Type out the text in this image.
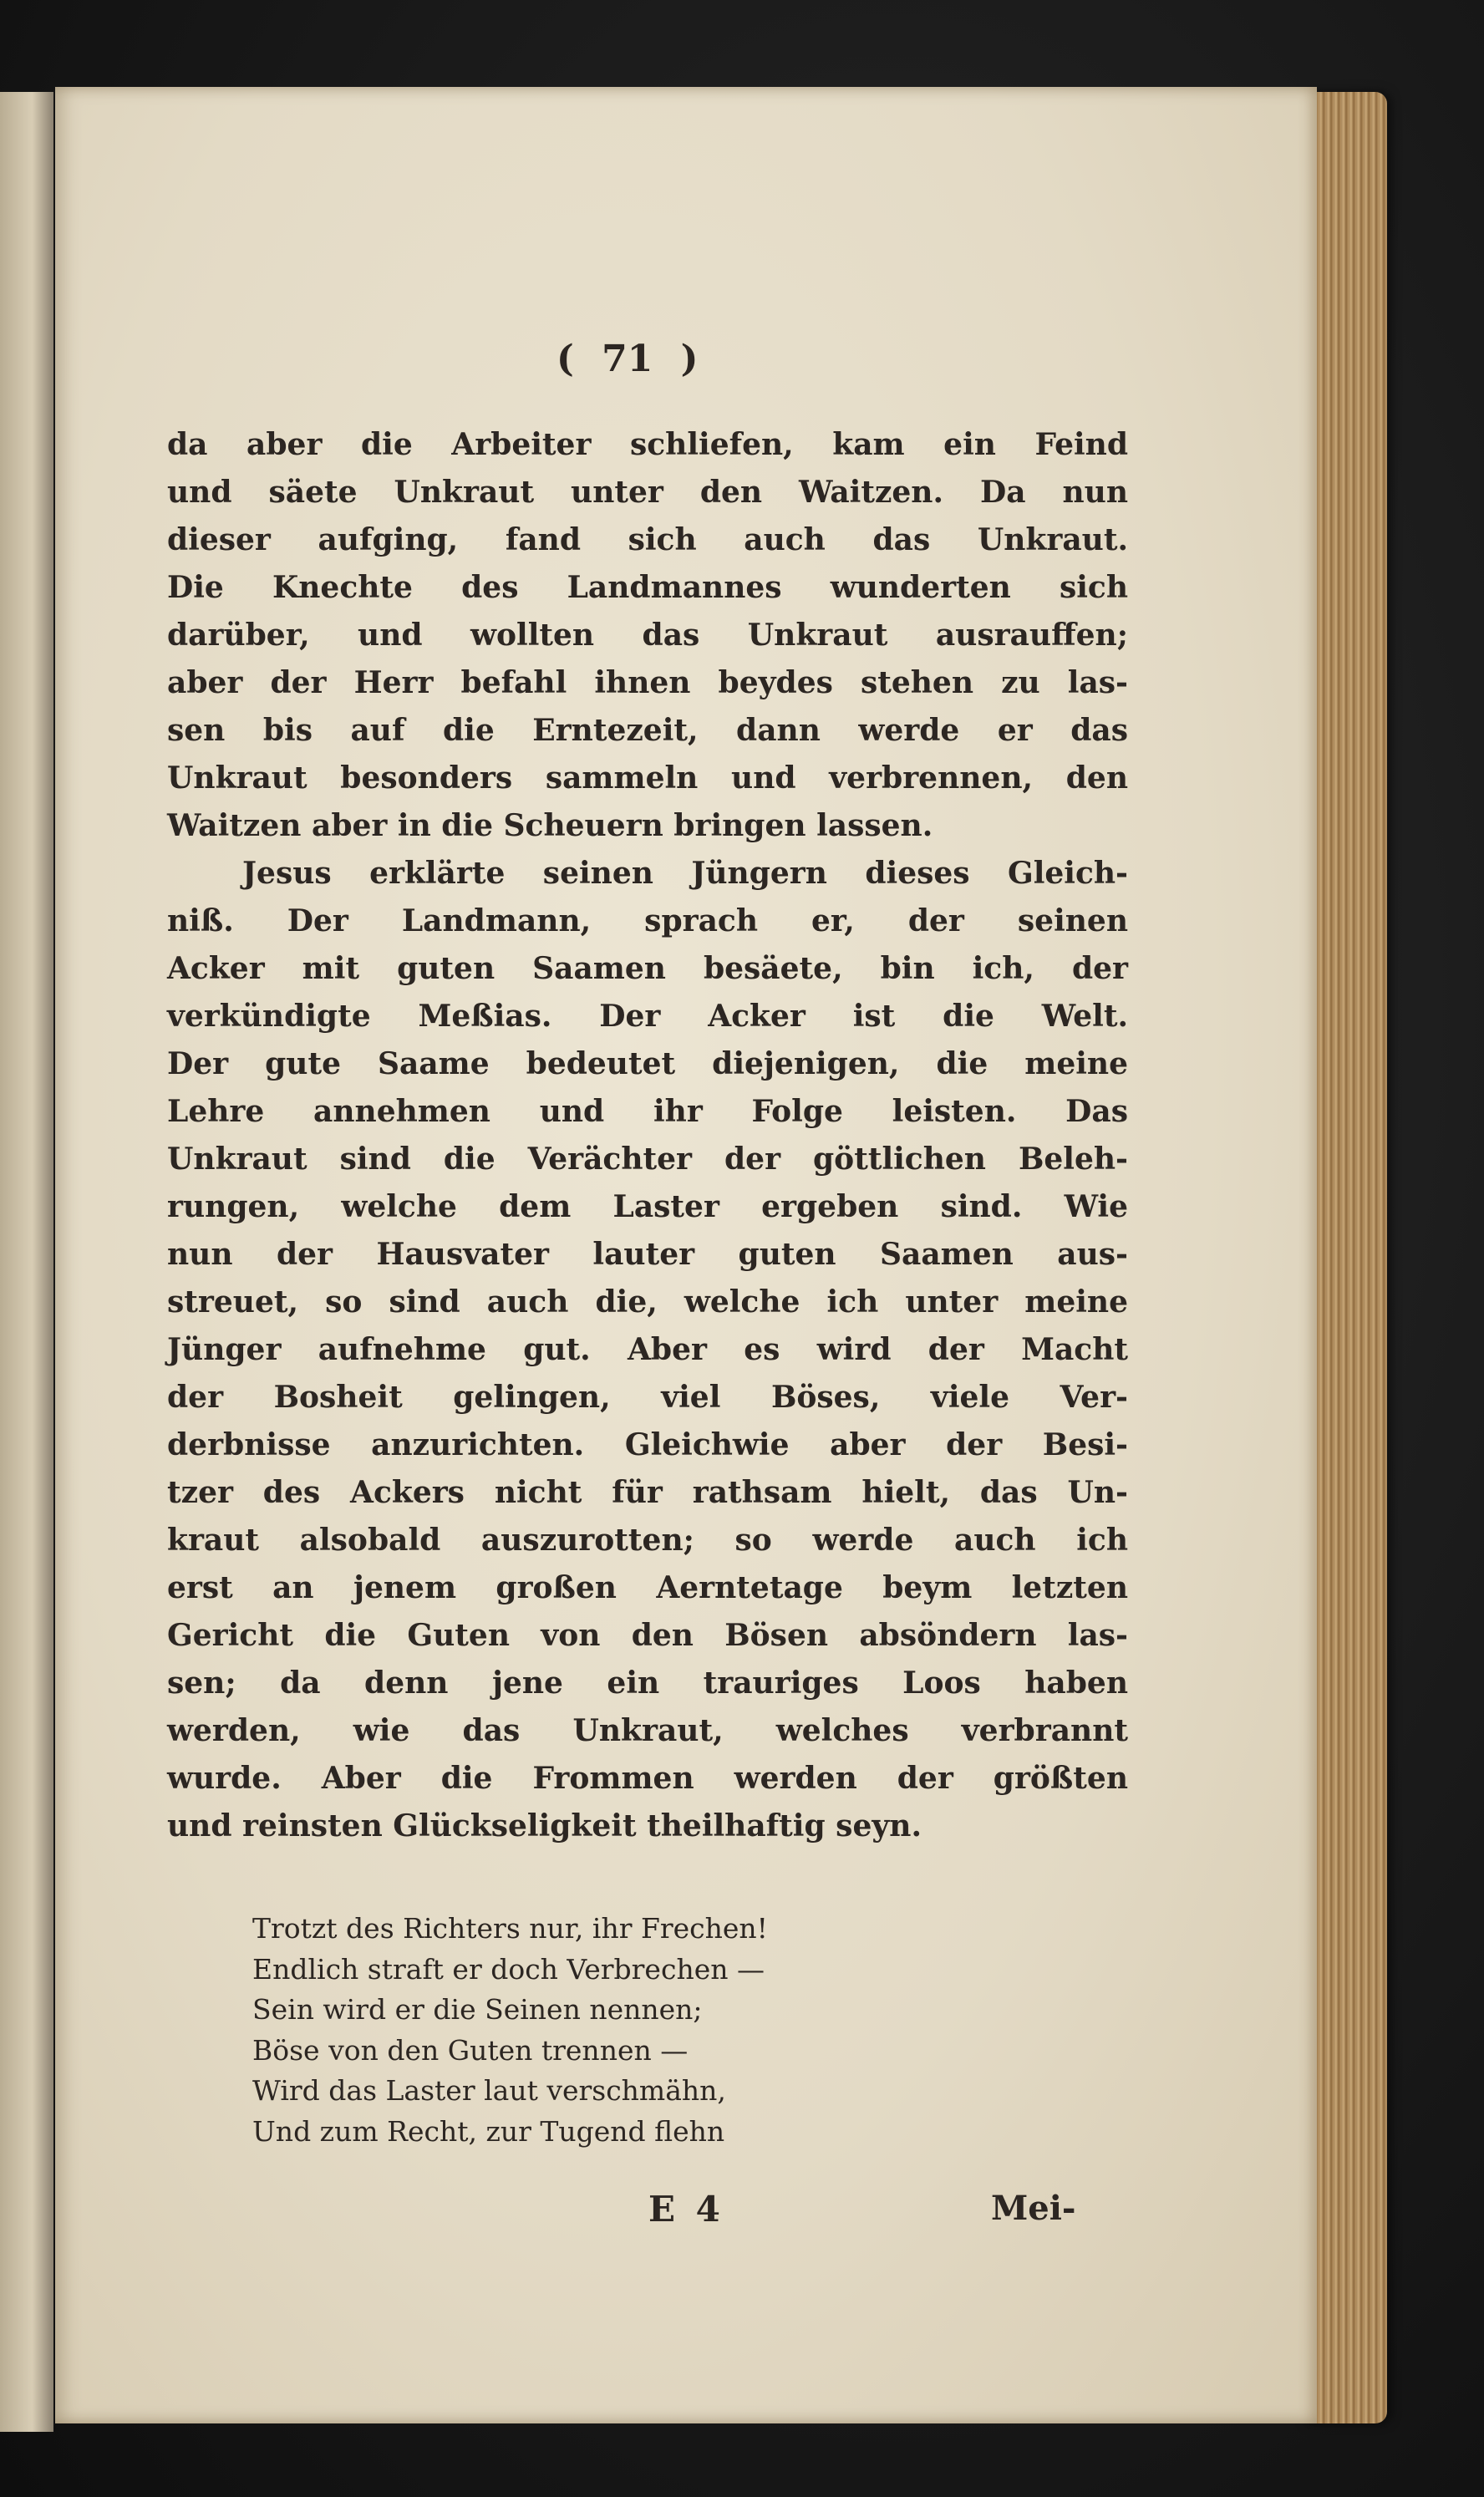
( 71 )
da aber die Arbeiter schliefen, kam ein Feind
und säete Unkraut unter den Waitzen. Da nun
dieser aufging, fand sich auch das Unkraut.
Die Knechte des Landmannes wunderten sich
darüber, und wollten das Unkraut ausrauffen;
aber der Herr befahl ihnen beydes stehen zu las-
sen bis auf die Erntezeit, dann werde er das
Unkraut besonders sammeln und verbrennen, den
Waitzen aber in die Scheuern bringen lassen.
Jesus erklärte seinen Jüngern dieses Gleich-
niß. Der Landmann, sprach er, der seinen
Acker mit guten Saamen besäete, bin ich, der
verkündigte Meßias. Der Acker ist die Welt.
Der gute Saame bedeutet diejenigen, die meine
Lehre annehmen und ihr Folge leisten. Das
Unkraut sind die Verächter der göttlichen Beleh-
rungen, welche dem Laster ergeben sind. Wie
nun der Hausvater lauter guten Saamen aus-
streuet, so sind auch die, welche ich unter meine
Jünger aufnehme gut. Aber es wird der Macht
der Bosheit gelingen, viel Böses, viele Ver-
derbnisse anzurichten. Gleichwie aber der Besi-
tzer des Ackers nicht für rathsam hielt, das Un-
kraut alsobald auszurotten; so werde auch ich
erst an jenem großen Aerntetage beym letzten
Gericht die Guten von den Bösen absöndern las-
sen; da denn jene ein trauriges Loos haben
werden, wie das Unkraut, welches verbrannt
wurde. Aber die Frommen werden der größten
und reinsten Glückseligkeit theilhaftig seyn.
Trotzt des Richters nur, ihr Frechen!
Endlich straft er doch Verbrechen —
Sein wird er die Seinen nennen;
Böse von den Guten trennen —
Wird das Laster laut verschmähn,
Und zum Recht, zur Tugend flehn
E 4	Mei-
